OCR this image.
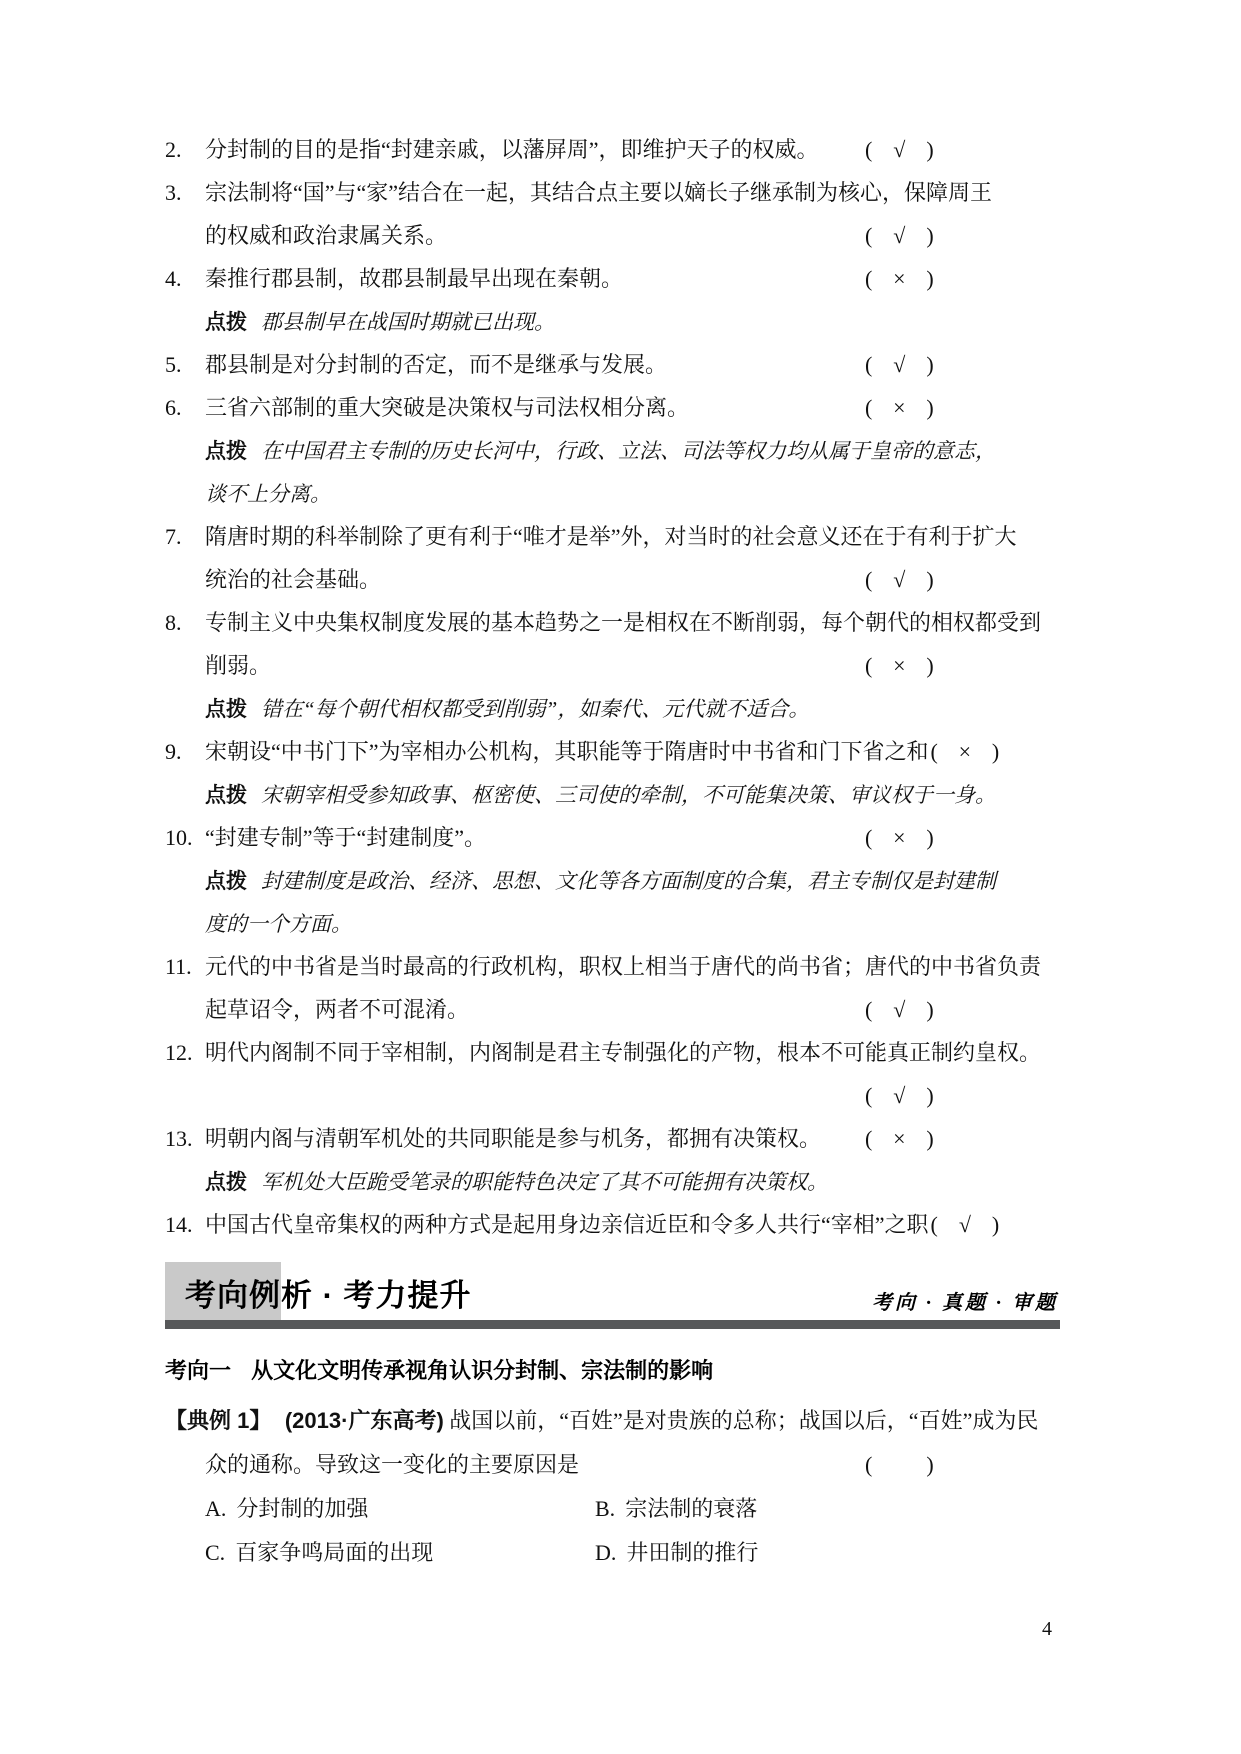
2. 分封制的目的是指“封建亲戚，以藩屏周”，即维护天子的权威。 ( √ )
3. 宗法制将“国”与“家”结合在一起，其结合点主要以嫡长子继承制为核心，保障周王
的权威和政治隶属关系。	( √ )
4. 秦推行郡县制，故郡县制最早出现在秦朝。	( × )
点拨 郡县制早在战国时期就已出现。
5. 郡县制是对分封制的否定，而不是继承与发展。	( √ )
6. 三省六部制的重大突破是决策权与司法权相分离。	( × )
点拨 在中国君主专制的历史长河中，行政、立法、司法等权力均从属于皇帝的意志，
谈不上分离。
7. 隋唐时期的科举制除了更有利于“唯才是举”外，对当时的社会意义还在于有利于扩大
统治的社会基础。	( √ )
8. 专制主义中央集权制度发展的基本趋势之一是相权在不断削弱，每个朝代的相权都受到
削弱。	( × )
点拨 错在“每个朝代相权都受到削弱”，如秦代、元代就不适合。
9. 宋朝设“中书门下”为宰相办公机构，其职能等于隋唐时中书省和门下省之和( × )
点拨 宋朝宰相受参知政事、枢密使、三司使的牵制，不可能集决策、审议权于一身。
10. “封建专制”等于“封建制度”。	( × )
点拨 封建制度是政治、经济、思想、文化等各方面制度的合集，君主专制仅是封建制
度的一个方面。
11. 元代的中书省是当时最高的行政机构，职权上相当于唐代的尚书省；唐代的中书省负责
起草诏令，两者不可混淆。	( √ )
12. 明代内阁制不同于宰相制，内阁制是君主专制强化的产物，根本不可能真正制约皇权。
( √ )
13. 明朝内阁与清朝军机处的共同职能是参与机务，都拥有决策权。 ( × )
点拨 军机处大臣跪受笔录的职能特色决定了其不可能拥有决策权。
14. 中国古代皇帝集权的两种方式是起用身边亲信近臣和令多人共行“宰相”之职( √ )
考向例析 · 考力提升	考向 · 真题 · 审题
考向一 从文化文明传承视角认识分封制、宗法制的影响
【典例 1】 (2013·广东高考) 战国以前，“百姓”是对贵族的总称；战国以后，“百姓”成为民
众的通称。导致这一变化的主要原因是	( )
A. 分封制的加强	B. 宗法制的衰落
C. 百家争鸣局面的出现	D. 井田制的推行
4
